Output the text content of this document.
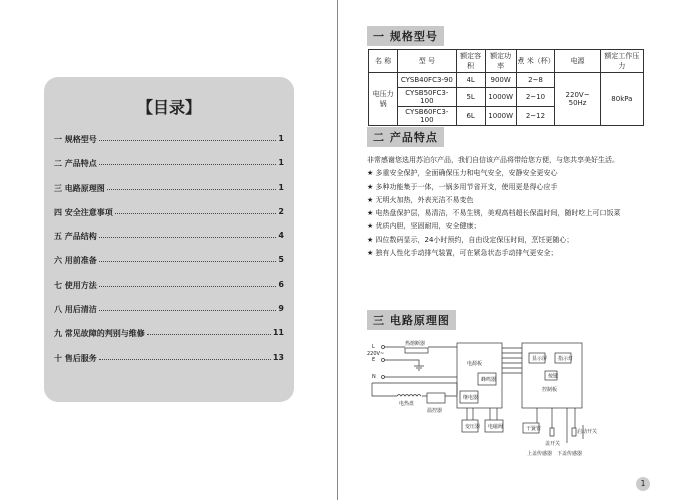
【目录】
一 规格型号	1
二 产品特点	1
三 电路原理图	1
四 安全注意事项	2
五 产品结构	4
六 用前准备	5
七 使用方法	6
八 用后清洁	9
九 常见故障的判别与维修	11
十 售后服务	13
一 规格型号
名 称	型 号	额定容积	额定功率	煮 米（杯）	电源	额定工作压力
电压力锅	CYSB40FC3-90	4L	900W	2~8	220V~ 50Hz	80kPa
	CYSB50FC3-100	5L	1000W	2~10		
	CYSB60FC3-100	6L	1000W	2~12		
二 产品特点
非常感谢您选用苏泊尔产品，我们自信该产品将带给您方便，与您共享美好生活。
★ 多重安全保护，全面确保压力和电气安全，安静安全更安心
★ 多种功能集于一体，一锅多用节省开支，使用更是得心应手
★ 无明火加热，外表光洁不易变色
★ 电热盘保护层，易清洁，不易生锈，美观高档超长保温时间，随时吃上可口饭菜
★ 优质内胆，坚固耐用，安全健康；
★ 四位数码显示，24小时预约，自由设定保压时间，烹饪更随心；
★ 独有人性化手动排气装置，可在紧急状态手动排气更安全；
三 电路原理图
电源板
控制板
蜂鸣器
继电器
变压器 电磁阀
显示屏 指示灯
按键
温控器
热熔断器
干簧管
L
E
N
220V~
电热盘
盖开关
上盖传感器 下盖传感器
启动开关
1
